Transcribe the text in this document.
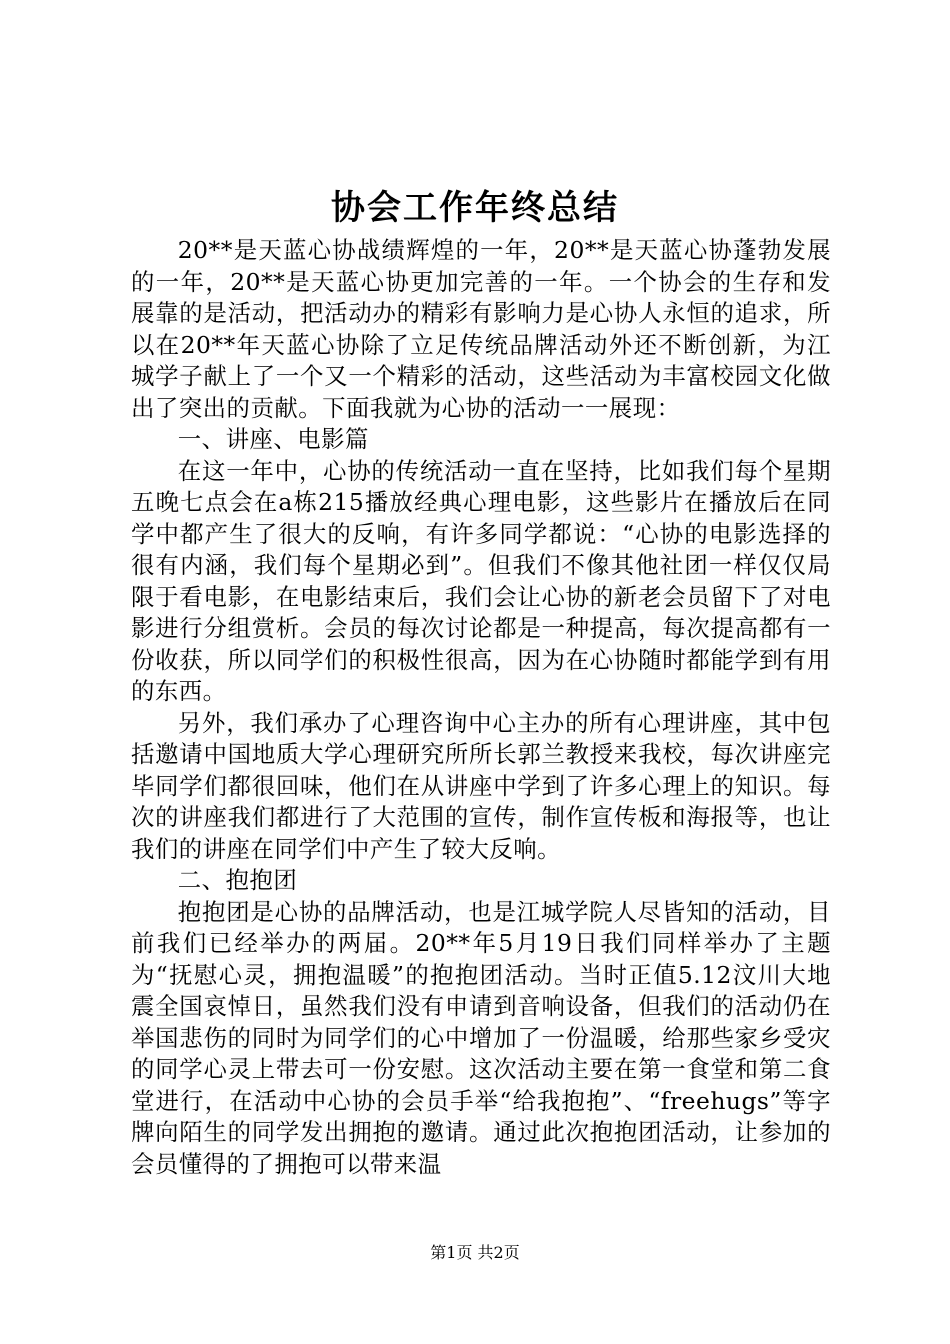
协会工作年终总结

20**是天蓝心协战绩辉煌的一年，20**是天蓝心协蓬勃发展的一年，20**是天蓝心协更加完善的一年。一个协会的生存和发展靠的是活动，把活动办的精彩有影响力是心协人永恒的追求，所以在20**年天蓝心协除了立足传统品牌活动外还不断创新，为江城学子献上了一个又一个精彩的活动，这些活动为丰富校园文化做出了突出的贡献。下面我就为心协的活动一一展现：

一、讲座、电影篇

在这一年中，心协的传统活动一直在坚持，比如我们每个星期五晚七点会在a栋215播放经典心理电影，这些影片在播放后在同学中都产生了很大的反响，有许多同学都说：“心协的电影选择的很有内涵，我们每个星期必到”。但我们不像其他社团一样仅仅局限于看电影，在电影结束后，我们会让心协的新老会员留下了对电影进行分组赏析。会员的每次讨论都是一种提高，每次提高都有一份收获，所以同学们的积极性很高，因为在心协随时都能学到有用的东西。

另外，我们承办了心理咨询中心主办的所有心理讲座，其中包括邀请中国地质大学心理研究所所长郭兰教授来我校，每次讲座完毕同学们都很回味，他们在从讲座中学到了许多心理上的知识。每次的讲座我们都进行了大范围的宣传，制作宣传板和海报等，也让我们的讲座在同学们中产生了较大反响。

二、抱抱团

抱抱团是心协的品牌活动，也是江城学院人尽皆知的活动，目前我们已经举办的两届。20**年5月19日我们同样举办了主题为“抚慰心灵，拥抱温暖”的抱抱团活动。当时正值5.12汶川大地震全国哀悼日，虽然我们没有申请到音响设备，但我们的活动仍在举国悲伤的同时为同学们的心中增加了一份温暖，给那些家乡受灾的同学心灵上带去可一份安慰。这次活动主要在第一食堂和第二食堂进行，在活动中心协的会员手举“给我抱抱”、“freehugs”等字牌向陌生的同学发出拥抱的邀请。通过此次抱抱团活动，让参加的会员懂得的了拥抱可以带来温

第1页 共2页
